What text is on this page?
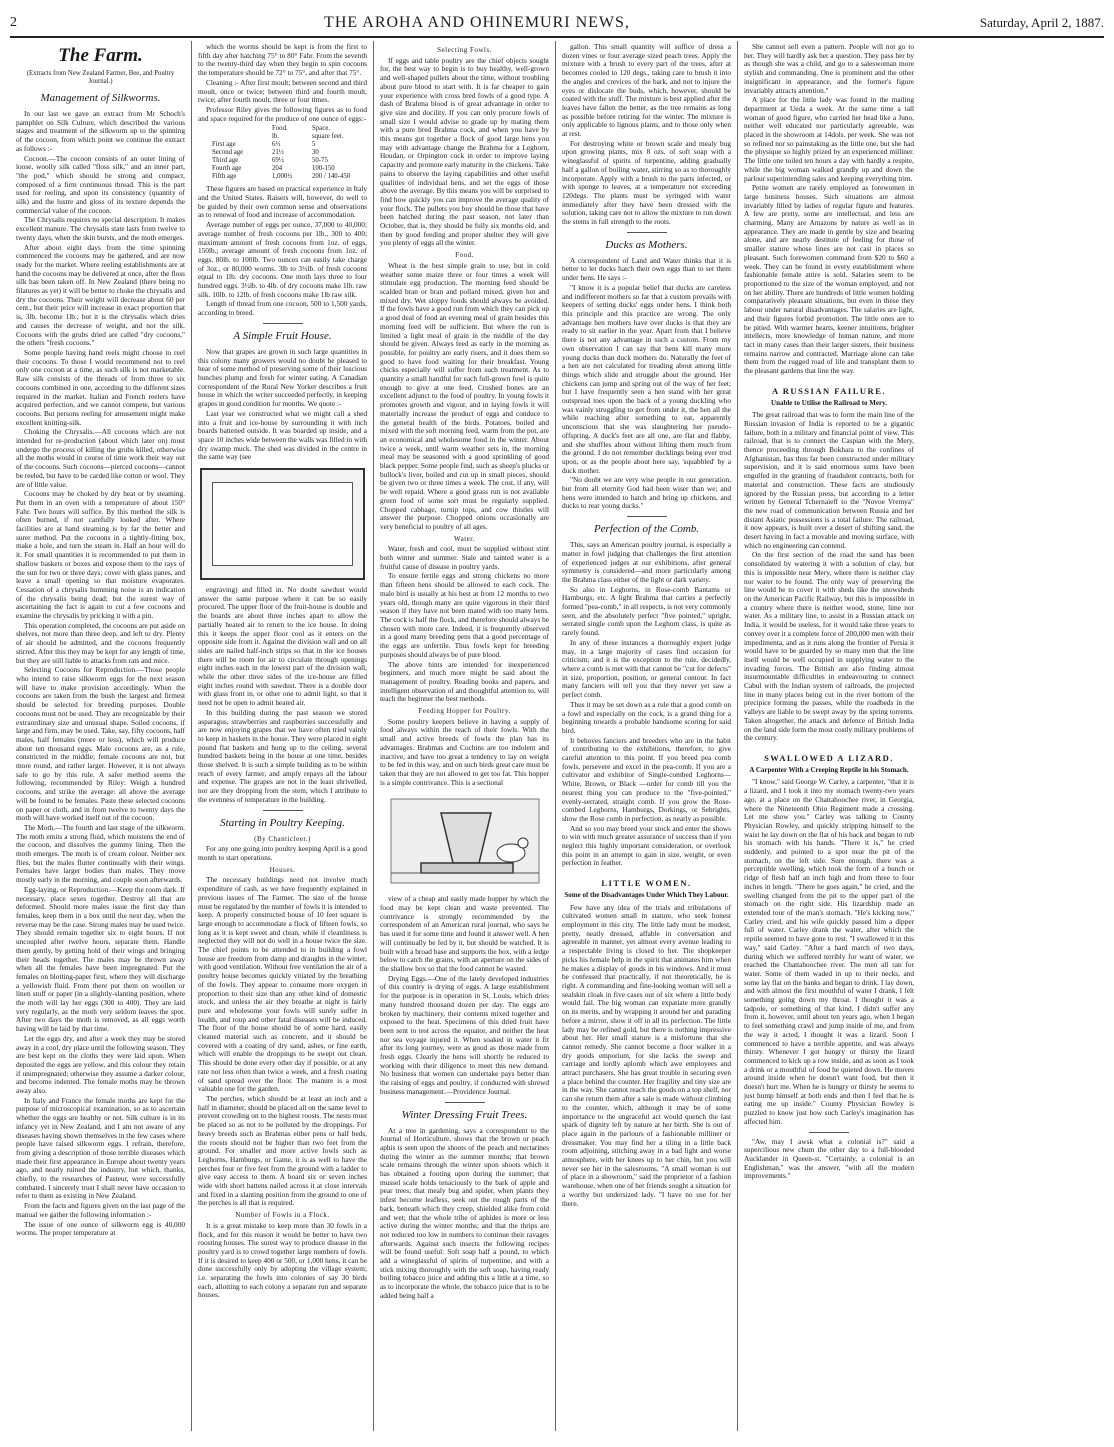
2	THE AROHA AND OHINEMURI NEWS,	Saturday, April 2, 1887.
The Farm.
(Extracts from New Zealand Farmer, Bee, and Poultry Journal.)
Management of Silkworms.

In our last we gave an extract from Mr Schoch's pamphlet on Silk Culture, which described the various stages and treatment of the silkworm up to the spinning of the cocoon, from which point we continue the extract as follows :-

Cocoon.—The cocoon consists of an outer lining of loose, woolly silk called "floss silk," and an inner part, "the pod," which should be strong and compact, composed of a firm continuous thread. This is the part used for reeling, and upon its consistency (quantity of silk) and the lustre and gloss of its texture depends the commercial value of the cocoon.

The Chrysalis requires no special description. It makes excellent manure. The chrysalis state lasts from twelve to twenty days, when the skin bursts, and the moth emerges.

After about eight days from the time spinning commenced the cocoons may be gathered, and are now ready for the market. Where reeling establishments are at hand the cocoons may be delivered at once, after the floss silk has been taken off. In New Zealand (there being no filatures as yet) it will be better to choke the chrysalis and dry the cocoons. Their weight will decrease about 60 per cent., but their price will increase in exact proportion that is, 3lb. become 1lb.; but it is the chrysalis which dries and causes the decrease of weight, and not the silk. Cocoons with the grubs dried are called "dry cocoons," the others "fresh cocoons."

Some people having hand reels might choose to reel their cocoons. To those I would recommend not to reel only one cocoon at a time, as such silk is not marketable. Raw silk consists of the threads of from three to six cocoons combined in one, according to the different sizes required in the market. Italian and French reelers have acquired perfection, and we cannot compete, but various cocoons. But persons reeling for amusement might make excellent knitting-silk.

Choking the Chrysalis.—All cocoons which are not intended for re-production (about which later on) must undergo the process of killing the grubs killed, otherwise all the moths would in course of time work their way out of the cocoons. Such cocoons—pierced cocoons—cannot be reeled, but have to be carded like cotton or wool. They are of little value.

Cocoons may be choked by dry heat or by steaming. Put them in an oven with a temperature of about 150° Fahr. Two hours will suffice. By this method the silk is often burned, if not carefully looked after. Where facilities are at hand steaming is by far the better and surer method. Put the cocoons in a tightly-fitting box, make a hole, and turn the steam in. Half an hour will do it. For small quantities it is recommended to put them in shallow baskets or boxes and expose them to the rays of the sun for two or three days; cover with glass panes, and leave a small opening so that moisture evaporates. Cessation of a chrysalis humming noise is an indication of the chrysalis being dead; but the surest way of ascertaining the fact is again to cut a few cocoons and examine the chrysalis by pricking it with a pin.

This operation completed, the cocoons are put aside on shelves, not more than three deep, and left to dry. Plenty of air should be admitted, and the cocoons frequently stirred. After this they may be kept for any length of time, but they are still liable to attacks from rats and mice.

Selecting Cocoons for Reproduction.—Those people who intend to raise silkworm eggs for the next season will have to make provision accordingly. When the cocoons are taken from the bush the largest and firmest should be selected for breeding purposes. Double cocoons must not be used. They are recognizable by their extraordinary size and unusual shape. Soiled cocoons, if large and firm, may be used. Take, say, fifty cocoons, half males, half females (more or less), which will produce about ten thousand eggs. Male cocoons are, as a rule, constricted in the middle; female cocoons are not, but more round, and rather larger. However, it is not always safe to go by this rule. A safer method seems the following, recommended by Riley: Weigh a hundred cocoons, and strike the average: all above the average will be found to be females. Paste these selected cocoons on paper or cloth, and in from twelve to twenty days the moth will have worked itself out of the cocoon.

The Moth.—The fourth and last stage of the silkworm. The moth emits a strong fluid, which moistens the end of the cocoon, and dissolves the gummy lining. Then the moth emerges. The moth is of cream colour. Neither sex flies, but the males flutter continually with their wings. Females have larger bodies than males. They move mostly early in the morning, and couple soon afterwards.

Egg-laying, or Reproduction.—Keep the room dark. If necessary, place sexes together. Destroy all that are deformed. Should more males issue the first day than females, keep them in a box until the next day, when the reverse may be the case. Strong males may be used twice. They should remain together six to eight hours. If not uncoupled after twelve hours, separate them. Handle them gently, by getting hold of their wings and bringing their heads together. The males may be thrown away when all the females have been impregnated. Put the females on blotting-paper first, where they will discharge a yellowish fluid. From there put them on woollen or linen stuff or paper (in a slightly-slanting position, where the moth will lay her eggs (300 to 400). They are laid very regularly, as the moth very seldom leaves the spot. After two days the moth is removed, as all eggs worth having will be laid by that time.

Let the eggs dry, and after a week they may be stored away in a cool, dry place until the following season. They are best kept on the cloths they were laid upon. When deposited the eggs are yellow, and this colour they retain if unimpregnated; otherwise they assume a darker colour, and become indented. The female moths may be thrown away also.

In Italy and France the female moths are kept for the purpose of microscopical examination, so as to ascertain whether the eggs are healthy or not. Silk culture is in its infancy yet in New Zealand, and I am not aware of any diseases having shown themselves in the few cases where people have raised silkworm eggs. I refrain, therefore, from giving a description of those terrible diseases which made their first appearance in Europe about twenty years ago, and nearly ruined the industry, but which, thanks, chiefly, to the researches of Pasteur, were successfully combated. I sincerely trust I shall never have occasion to refer to them as existing in New Zealand.

From the facts and figures given on the last page of the manual we gather the following information :-

The issue of one ounce of silkworm egg is 40,000 worms. The proper temperature at

which the worms should be kept is from the first to fifth day after hatching 75° to 80° Fahr. From the seventh to the twenty-third day when they begin to spin cocoons the temperature should be 72° to 75°, and after that 75°.

Cleaning :- After first moult; between second and third moult, once or twice; between third and fourth moult, twice; after fourth moult, three or four times.

Professor Riley gives the following figures as to food and space required for the produce of one ounce of eggs:-

Food.	Space.
lb.	square feet.
First age	6½	5
Second age	21½	30
Third age	69½	50-75
Fourth age	204	100-150
Fifth age	1,000½	200 / 140-450

These figures are based on practical experience in Italy and the United States. Raisers will, however, do well to be guided by their own common sense and observations as to renewal of food and increase of accommodation.

Average number of eggs per ounce, 37,000 to 40,000; average number of fresh cocoons per 1lb., 300 to 400; maximum amount of fresh cocoons from 1oz. of eggs, 150lb.; average amount of fresh cocoons from 1oz. of eggs, 80lb. to 100lb. Two ounces can easily take charge of 3oz., or 80,000 worms. 3lb to 3½lb. of fresh cocoons equal to 1lb. dry cocoons. One moth lays three to four hundred eggs. 3½lb. to 4lb. of dry cocoons make 1lb. raw silk. 10lb. to 12lb. of fresh cocoons make 1lb raw silk.

Length of thread from one cocoon, 500 to 1,500 yards, according to breed.

A Simple Fruit House.

Now that grapes are grown in such large quantities in this colony many growers would no doubt be pleased to hear of some method of preserving some of their luscious bunches plump and fresh for winter eating. A Canadian correspondent of the Rural New Yorker describes a fruit house in which the writer succeeded perfectly, in keeping grapes in good condition for months. We quote :-

Last year we constructed what we might call a shed into a fruit and ice-house by surrounding it with inch boards battened outside. It was boarded up inside, and a space 10 inches wide between the walls was filled in with dry swamp muck. The shed was divided in the centre in the same way (see

engraving) and filled in. No doubt sawdust would answer the same purpose where it can be so easily procured. The upper floor of the fruit-house is double and the boards are about three inches apart to allow the partially heated air to return to the ice house. In doing this it keeps the upper floor cool as it enters on the opposite side from it. Against the division wall and on all sides are nailed half-inch strips so that in the ice houses there will be room for air to circulate through openings eight inches each in the lowest part of the division wall, while the other three sides of the ice-house are filled eight inches round with sawdust. There is a double door with glass front in, or other one to admit light, so that it need not be open to admit heated air.

In this building during the past season we stored asparagus, strawberries and raspberries successfully and are now enjoying grapes that we have often tried vainly to keep in baskets in the house. They were placed in eight pound flat baskets and hung up to the ceiling, several hundred baskets being in the house at one time, besides those shelved. It is such a simple building as to be within reach of every farmer, and amply repays all the labour and expense. The grapes are not in the least shrivelled, nor are they dropping from the stem, which I attribute to the evenness of temperature in the building.

Starting in Poultry Keeping.
(By Chanticleer.)

For any one going into poultry keeping April is a good month to start operations.

Houses.

The necessary buildings need not involve much expenditure of cash, as we have frequently explained in previous issues of The Farmer. The size of the house must be regulated by the number of fowls it is intended to keep. A properly constructed house of 10 feet square is large enough to accommodate a flock of fifteen fowls, so long as it is kept sweet and clean, while if cleanliness is neglected they will not do well in a house twice the size. The chief points to be attended to in building a fowl house are freedom from damp and draughts in the winter, with good ventilation. Without free ventilation the air of a poultry house becomes quickly vitiated by the breathing of the fowls. They appear to consume more oxygen in proportion to their size than any other kind of domestic stock, and unless the air they breathe at night is fairly pure and wholesome your fowls will surely suffer in health, and roup and other fatal diseases will be induced. The floor of the house should be of some hard, easily cleaned material such as concrete, and it should be covered with a coating of dry sand, ashes, or fine earth, which will enable the droppings to be swept out clean. This should be done every other day if possible, or at any rate not less often than twice a week, and a fresh coating of sand spread over the floor. The manure is a most valuable one for the garden.

The perches, which should be at least an inch and a half in diameter, should be placed all on the same level to prevent crowding on to the highest roosts. The nests must be placed so as not to be polluted by the droppings. For heavy breeds such as Brahmas either pens or half beds, the roosts should not be higher than two feet from the ground. For smaller and more active fowls such as Leghorns, Hamburgs, or Game, it is as well to have the perches four or five feet from the ground with a ladder to give easy access to them. A board six or seven inches wide with short battens nailed across it at close intervals and fixed in a slanting position from the ground to one of the perches is all that is required.

Number of Fowls in a Flock.

It is a great mistake to keep more than 30 fowls in a flock, and for this reason it would be better to have two roosting houses. The surest way to produce disease in the poultry yard is to crowd together large numbers of fowls. If it is desired to keep 400 or 500, or 1,000 hens, it can be done successfully only by adopting the village system; i.e. separating the fowls into colonies of say 30 birds each, allotting to each colony a separate run and separate houses.

Selecting Fowls.

If eggs and table poultry are the chief objects sought for, the best way to begin is to buy healthy, well-grown and well-shaped pullets about the time, without troubling about pure blood to start with. It is far cheaper to gain your experience with cross bred fowls of a good type. A dash of Brahma blood is of great advantage in order to give size and docility. If you can only procure fowls of small size I would advise to grade up by mating them with a pure bred Brahma cock, and when you have by this means got together a flock of good large hens you may with advantage change the Brahma for a Leghorn, Houdan, or Orpington cock in order to improve laying capacity and promote early maturity in the chickens. Take pains to observe the laying capabilities and other useful qualities of individual hens, and set the eggs of those above the average. By this means you will be surprised to find how quickly you can improve the average quality of your flock. The pullets you buy should be those that have been hatched during the past season, not later than October, that is, they should be fully six months old, and then by good feeding and proper shelter they will give you plenty of eggs all the winter.

Food.

Wheat is the best simple grain to use, but in cold weather some maize three or four times a week will stimulate egg production. The morning feed should be scalded bran or bran and pollard mixed, given hot and mixed dry. Wet sloppy foods should always be avoided. If the fowls have a good run from which they can pick up a good deal of food an evening meal of grain besides this morning feed will be sufficient. But where the run is limited a light meal of grain in the middle of the day should be given. Always feed as early in the morning as possible, for poultry are early risers, and it does them so good to have food waiting for their breakfast. Young chicks especially will suffer from such treatment. As to quantity a small handful for each full-grown fowl is quite enough to give at one feed. Crushed bones are an excellent adjunct to the food of poultry. In young fowls it promotes growth and vigour, and in laying fowls it will materially increase the product of eggs and conduce to the general health of the birds. Potatoes, boiled and mixed with the soft morning feed, warm from the pot, are an economical and wholesome food in the winter. About twice a week, until warm weather sets in, the morning meal may be seasoned with a good sprinkling of good black pepper. Some people find, such as sheep's plucks or bullock's liver, boiled and cut up in small pieces, should be given two or three times a week. The cost, if any, will be well repaid. Where a good grass run is not available green food of some sort must be regularly supplied. Chopped cabbage, turnip tops, and cow thistles will answer the purpose. Chopped onions occasionally are very beneficial to poultry of all ages.

Water.

Water, fresh and cool, must be supplied without stint both winter and summer. Stale and tainted water is a fruitful cause of disease in poultry yards.

To ensure fertile eggs and strong chickens no more than fifteen hens should be allowed to each cock. The male bird is usually at his best at from 12 months to two years old, though many are quite vigorous in their third season if they have not been mated with too many hens. The cock is half the flock, and therefore should always be chosen with more care. Indeed, it is frequently observed in a good many breeding pens that a good percentage of the eggs are unfertile. Thus fowls kept for breeding purposes should always be of pure blood.

The above hints are intended for inexperienced beginners, and much more might be said about the management of poultry. Reading books and papers, and intelligent observation of and thoughtful attention to, will teach the beginner the best methods.

Feeding Hopper for Poultry.

Some poultry keepers believe in having a supply of food always within the reach of their fowls. With the small and active breeds of fowls the plan has its advantages. Brahmas and Cochins are too indolent and inactive, and have too great a tendency to lay on weight to be fed in this way, and on such birds great care must be taken that they are not allowed to get too fat. This hopper is a simple contrivance. This is a sectional

view of a cheap and easily made hopper by which the food may be kept clean and waste prevented. The contrivance is strongly recommended by the correspondent of an American rural journal, who says he has used it for some time and found it answer well. A hen will continually be fed by it, but should be watched. It is built with a broad base and supports the box, with a ledge below to catch the grains, with an aperture on the sides of the shallow box so that the food cannot be wasted.

Drying Eggs.—One of the lately developed industries of this country is drying of eggs. A large establishment for the purpose is in operation in St. Louis, which dries many hundred thousand dozen per day. The eggs are broken by machinery, their contents mixed together and exposed to the heat. Specimens of this dried fruit have been sent to test across the equator, and neither the heat nor sea voyage injured it. When soaked in water it fit after its long journey, were as good as those made from fresh eggs. Clearly the hens will shortly be reduced to working with their diligence to meet this new demand. No business that women can undertake pays better than the raising of eggs and poultry, if conducted with shrewd business management.—Providence Journal.

Winter Dressing Fruit Trees.

At a tree in gardening, says a correspondent to the Journal of Horticulture, shows that the brown or peach aphis is seen upon the shoots of the peach and nectarines during the winter as the summer months; that brown scale remains through the winter upon shoots which it has obtained a footing upon during the summer; that mussel scale holds tenaciously to the bark of apple and pear trees; that mealy bug and spider, when plants they infest become leafless, seek out the rough parts of the bark, beneath which they creep, shielded alike from cold and wet; that the whole tribe of aphides is more or less active during the winter months; and that the thrips are not reduced too low in numbers to continue their ravages afterwards. Against such insects the following recipes will be found useful: Soft soap half a pound, to which add a wineglassful of spirits of turpentine, and with a stick mixing thoroughly with the soft soap, having ready boiling tobacco juice and adding this a little at a time, so as to incorporate the whole, the tobacco juice that is to be added being half a

gallon. This small quantity will suffice of dress a dozen vines or four average sized peach trees. Apply the mixture with a brush to every part of the trees, after at becomes cooled to 120 degs., taking care to brush it into the angles and crevices of the bark, and not to injure the eyes or dislocate the buds, which, however, should be coated with the stuff. The mixture is best applied after the leaves have fallen the better, as the tree remains as long as possible before retiring for the winter. The mixture is only applicable to lignous plants, and to those only when at rest.

For destroying white or brown scale and mealy bug upon growing plants, mix 8 ozs. of soft soap with a wineglassful of spirits of turpentine, adding gradually half a gallon of boiling water, stirring so as to thoroughly incorporate. Apply with a brush to the parts infected, or with sponge to leaves, at a temperature not exceeding 120degs. The plants must be syringed with water immediately after they have been dressed with the solution, taking care not to allow the mixture to run down the stems in full strength to the roots.

Ducks as Mothers.

A correspondent of Land and Water thinks that it is better to let ducks hatch their own eggs than to set them under hens. He says :-

"I know it is a popular belief that ducks are careless and indifferent mothers so far that a custom prevails with keepers of setting ducks' eggs under hens. I think both this principle and this practice are wrong. The only advantage hen mothers have over ducks is that they are ready to sit earlier in the year. Apart from that I believe there is not any advantage in such a custom. From my own observation I can say that hens kill many more young ducks than duck mothers do. Naturally the feet of a hen are not calculated for treading about among little things which slide and struggle about the ground. Her chickens can jump and spring out of the way of her feet; but I have frequently seen a hen stand with her great outspread toes upon the back of a young duckling who was vainly struggling to get from under it, the hen all the while reaching after something to eat, apparently unconscious that she was slaughtering her pseudo-offspring. A duck's feet are all one, are flat and flabby, and she shuffles about without lifting them much from the ground. I do not remember ducklings being ever trod upon, or as the people about here say, 'squabbled' by a duck mother.

"No doubt we are very wise people in our generation, but from all eternity God had been wiser than we; and hens were intended to hatch and bring up chickens, and ducks to rear young ducks."

Perfection of the Comb.

This, says an American poultry journal, is especially a matter in fowl judging that challenges the first attention of experienced judges at our exhibitions, after general symmetry is considered—and more particularly among the Brahma class either of the light or dark variety.

So also in Leghorns, in Rose-comb Bantams or Hamburgs, etc. A light Brahma that carries a perfectly formed "pea-comb," in all respects, is not very commonly seen, and the absolutely perfect "five pointed," upright, serrated single comb upon the Leghorn class, is quite as rarely found.

In any of these instances a thoroughly expert judge may, in a large majority of cases find occasion for criticism; and it is the exception to the rule, decidedly, where a comb is met with that cannot be "cut for defects" in size, proportion, position, or general contour. In fact many fanciers will tell you that they never yet saw a perfect comb.

Thus it may be set down as a rule that a good comb on a fowl and especially on the cock, is a grand thing for a beginning towards a probable handsome scoring for said bird.

It behoves fanciers and breeders who are in the habit of contributing to the exhibitions, therefore, to give careful attention to this point. If you breed pea comb fowls, persevere and excel in the pea-comb. If you are a cultivator and exhibitor of Single-combed Leghorns—White, Brown, or Black —order for comb till you the nearest thing you can produce to the "five-pointed," evenly-serrated, straight comb. If you grow the Rose-combed Leghorns, Hamburgs, Dorkings, or Sebrights, show the Rose comb in perfection, as nearly as possible.

And so you may breed your stock and enter the shows to win with much greater assurance of success than if you neglect this highly important consideration, or overlook this point in an attempt to gain in size, weight, or even perfection in feather.

LITTLE WOMEN.
Some of the Disadvantages Under Which They Labour.

Few have any idea of the trials and tribulations of cultivated women small in stature, who seek honest employment in this city. The little lady must be modest, pretty, neatly dressed, affable in conversation and agreeable in manner, yet almost every avenue leading to a respectable living is closed to her. The shopkeeper picks his female help in the spirit that animates him when he makes a display of goods in his windows. And it must be confessed that practically, if not theoretically, he is right. A commanding and fine-looking woman will sell a sealskin cloak in five cases out of six where a little body would fail. The big woman can expatiate more grandly on its merits, and by wrapping it around her and parading before a mirror, show it off in all its perfection. The little lady may be refined gold, but there is nothing impressive about her. Her small stature is a misfortune that she cannot remedy. She cannot become a floor walker in a dry goods emporium, for she lacks the sweep and carriage and lordly aplomb which awe employees and attract purchasers. She has great trouble in securing even a place behind the counter. Her fragility and tiny size are in the way. She cannot reach the goods on a top shelf, nor can she return them after a sale is made without climbing to the counter, which, although it may be of some importance to the ungraceful act would quench the last spark of dignity left by nature at her birth. She is out of place again in the parlours of a fashionable milliner or dressmaker. You may find her a tiling in a little back room adjoining, stitching away in a bad light and worse atmosphere, with her knees up to her chin, but you will never see her in the salesrooms. "A small woman is out of place in a showroom," said the proprietor of a fashion warehouse, when one of her friends sought a situation for a worthy but undersized lady. "I have no use for her there.

She cannot sell even a pattern. People will not go to her. They will hardly ask her a question. They pass her by as though she was a child, and go to a saleswoman more stylish and commanding. One is prominent and the other insignificant in appearance, and the former's figure invariably attracts attention."

A place for the little lady was found in the mailing department at Ueda a week. At the same time a tall woman of good figure, who carried her head like a Juno, neither well educated nor particularly agreeable, was placed in the showroom at 14dols. per week. She was not so refined nor so painstaking as the little one, but she had the physique so highly prized by an experienced milliner. The little one toiled ten hours a day with hardly a respite, while the big woman walked grandly up and down the parlour superintending sales and keeping everything trim.

Petite women are rarely employed as forewomen in large business houses. Such situations are almost invariably filled by ladies of regular figure and features. A few are pretty, some are intellectual, and less are charming. Many are Amazons by nature as well as in appearance. They are made in gentle by size and bearing alone, and are nearly destitute of feeling for those of smaller stature whose lines are not cast in places so pleasant. Such forewomen command from $20 to $60 a week. They can be found in every establishment where fashionable female attire is sold. Salaries seem to be proportioned to the size of the woman employed, and not on her ability. There are hundreds of little women holding comparatively pleasant situations, but even in these they labour under natural disadvantages. The salaries are light, and their figures forbid promotion. The little ones are to be pitied. With warmer hearts, keener intuitions, brighter intellects, more knowledge of human nature, and more tact in many cases than their larger sisters, their business remains narrow and contracted. Marriage alone can take them from the rugged road of life and transplant them to the pleasant gardens that line the way.

A RUSSIAN FAILURE.
Unable to Utilise the Railroad to Mery.

The great railroad that was to form the main line of the Russian invasion of India is reported to be a gigantic failure, both in a military and financial point of view. This railroad, that is to connect the Caspian with the Mery, thence proceeding through Bokhara to the confines of Afghanistan, has thus far been constructed under military supervision, and it is said enormous sums have been engulfed in the granting of fraudulent contracts, both for material and construction. These facts are studiously ignored by the Russian press, but according to a letter written by General Tchernaieff to the "Novoe Vremya" the new road of communication between Russia and her distant Asiatic possessions is a total failure. The railroad, it now appears, is built over a desert of shifting sand, the desert having in fact a movable and moving surface, with which no engineering can contend.

On the first section of the road the sand has been consolidated by watering it with a solution of clay, but this is impossible near Mery, where there is neither clay nor water to be found. The only way of preserving the line would be to cover it with sheds like the snowsheds on the American Pacific Railway, but this is impossible in a country where there is neither wood, stone, lime nor water. As a military line, to assist in a Russian attack on India, it would be useless, for it would take three years to convey over it a complete force of 200,000 men with their impedimenta, and as it runs along the frontier of Persia it would have to be guarded by so many men that the line itself would be well occupied in supplying water to the invading forces. The British are also finding almost insurmountable difficulties in endeavouring to connect Cabul with the Indian system of railroads, the projected line in many places being cut in the river bottom of the precipice forming the passes, while the roadbeds in the valleys are liable to be swept away by the spring torrents. Taken altogether, the attack and defence of British India on the land side form the most costly military problems of the century.

SWALLOWED A LIZARD.
A Carpenter With a Creeping Reptile in his Stomach.

"I know," said George W. Carley, a carpenter, "that it is a lizard, and I took it into my stomach twenty-two years ago, at a place on the Chattahoochee river, in Georgia, where the Nineteenth Ohio Regiment made a crossing. Let me show you." Carley was talking to County Physician Rowley, and quickly stripping himself to the waist he lay down on the flat of his back and began to rub his stomach with his hands. "There it is," he cried suddenly, and pointed to a spot near the pit of the stomach, on the left side. Sure enough, there was a perceptible swelling, which took the form of a bunch or ridge of flesh half an inch high and from three to four inches in length. "There he goes again," he cried, and the swelling changed from the pit to the upper part of the stomach on the right side. His lizardship made an extended tour of the man's stomach. "He's kicking now," Carley cried, and his wife quickly passed him a dipper full of water. Carley drank the water, after which the reptile seemed to have gone to rest. "I swallowed it in this way," said Carley. "After a hard march of two days, during which we suffered terribly for want of water, we reached the Chattahoochee river. The men all ran for water. Some of them waded in up to their necks, and some lay flat on the banks and began to drink. I lay down, and with almost the first mouthful of water I drank, I felt something going down my throat. I thought it was a tadpole, or something of that kind. I didn't suffer any from it, however, until about ten years ago, when I began to feel something crawl and jump inside of me, and from the way it acted, I thought it was a lizard. Soon I commenced to have a terrible appetite, and was always thirsty. Whenever I got hungry or thirsty the lizard commenced to kick up a row inside, and as soon as I took a drink or a mouthful of food he quieted down. He moves around inside when he doesn't want food, but then it doesn't hurt me. When he is hungry or thirsty he seems to just hump himself at both ends and then I feel that he is eating me up inside." County Physician Rowley is puzzled to know just how such Carley's imagination has affected him.

"Aw, may I awsk what a colonial is?" said a supercilious new chum the other day to a full-blooded Aucklander in Queen-st. "Certainly, a colonial is an Englishman," was the answer, "with all the modern improvements."
